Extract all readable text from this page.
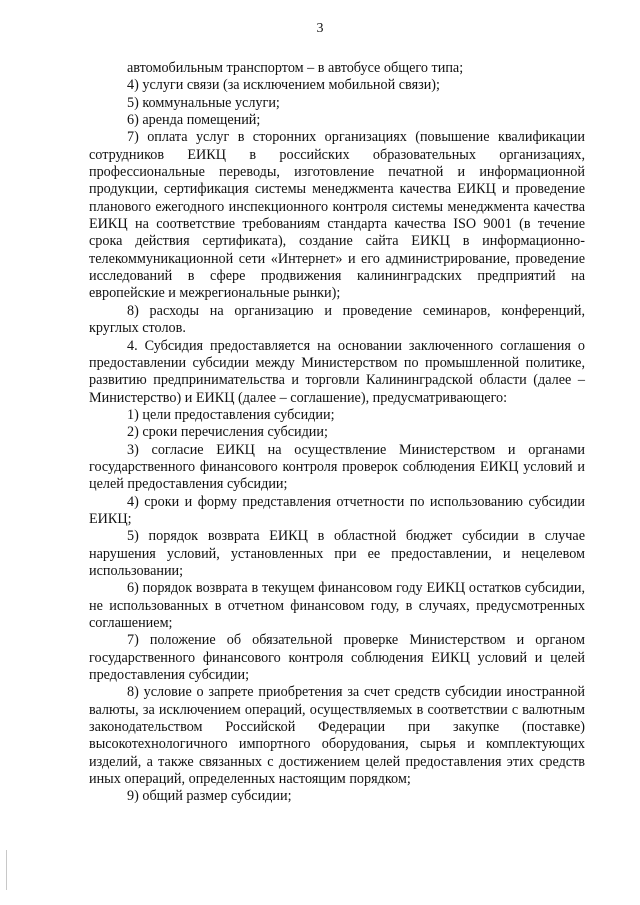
3

автомобильным транспортом – в автобусе общего типа;

4) услуги связи (за исключением мобильной связи);

5) коммунальные услуги;

6) аренда помещений;

7) оплата услуг в сторонних организациях (повышение квалификации сотрудников ЕИКЦ в российских образовательных организациях, профессиональные переводы, изготовление печатной и информационной продукции, сертификация системы менеджмента качества ЕИКЦ и проведение планового ежегодного инспекционного контроля системы менеджмента качества ЕИКЦ на соответствие требованиям стандарта качества ISO 9001 (в течение срока действия сертификата), создание сайта ЕИКЦ в информационно-телекоммуникационной сети «Интернет» и его администрирование, проведение исследований в сфере продвижения калининградских предприятий на европейские и межрегиональные рынки);

8) расходы на организацию и проведение семинаров, конференций, круглых столов.

4. Субсидия предоставляется на основании заключенного соглашения о предоставлении субсидии между Министерством по промышленной политике, развитию предпринимательства и торговли Калининградской области (далее – Министерство) и ЕИКЦ (далее – соглашение), предусматривающего:

1) цели предоставления субсидии;

2) сроки перечисления субсидии;

3) согласие ЕИКЦ на осуществление Министерством и органами государственного финансового контроля проверок соблюдения ЕИКЦ условий и целей предоставления субсидии;

4) сроки и форму представления отчетности по использованию субсидии ЕИКЦ;

5) порядок возврата ЕИКЦ в областной бюджет субсидии в случае нарушения условий, установленных при ее предоставлении, и нецелевом использовании;

6) порядок возврата в текущем финансовом году ЕИКЦ остатков субсидии, не использованных в отчетном финансовом году, в случаях, предусмотренных соглашением;

7) положение об обязательной проверке Министерством и органом государственного финансового контроля соблюдения ЕИКЦ условий и целей предоставления субсидии;

8) условие о запрете приобретения за счет средств субсидии иностранной валюты, за исключением операций, осуществляемых в соответствии с валютным законодательством Российской Федерации при закупке (поставке) высокотехнологичного импортного оборудования, сырья и комплектующих изделий, а также связанных с достижением целей предоставления этих средств иных операций, определенных настоящим порядком;

9) общий размер субсидии;
